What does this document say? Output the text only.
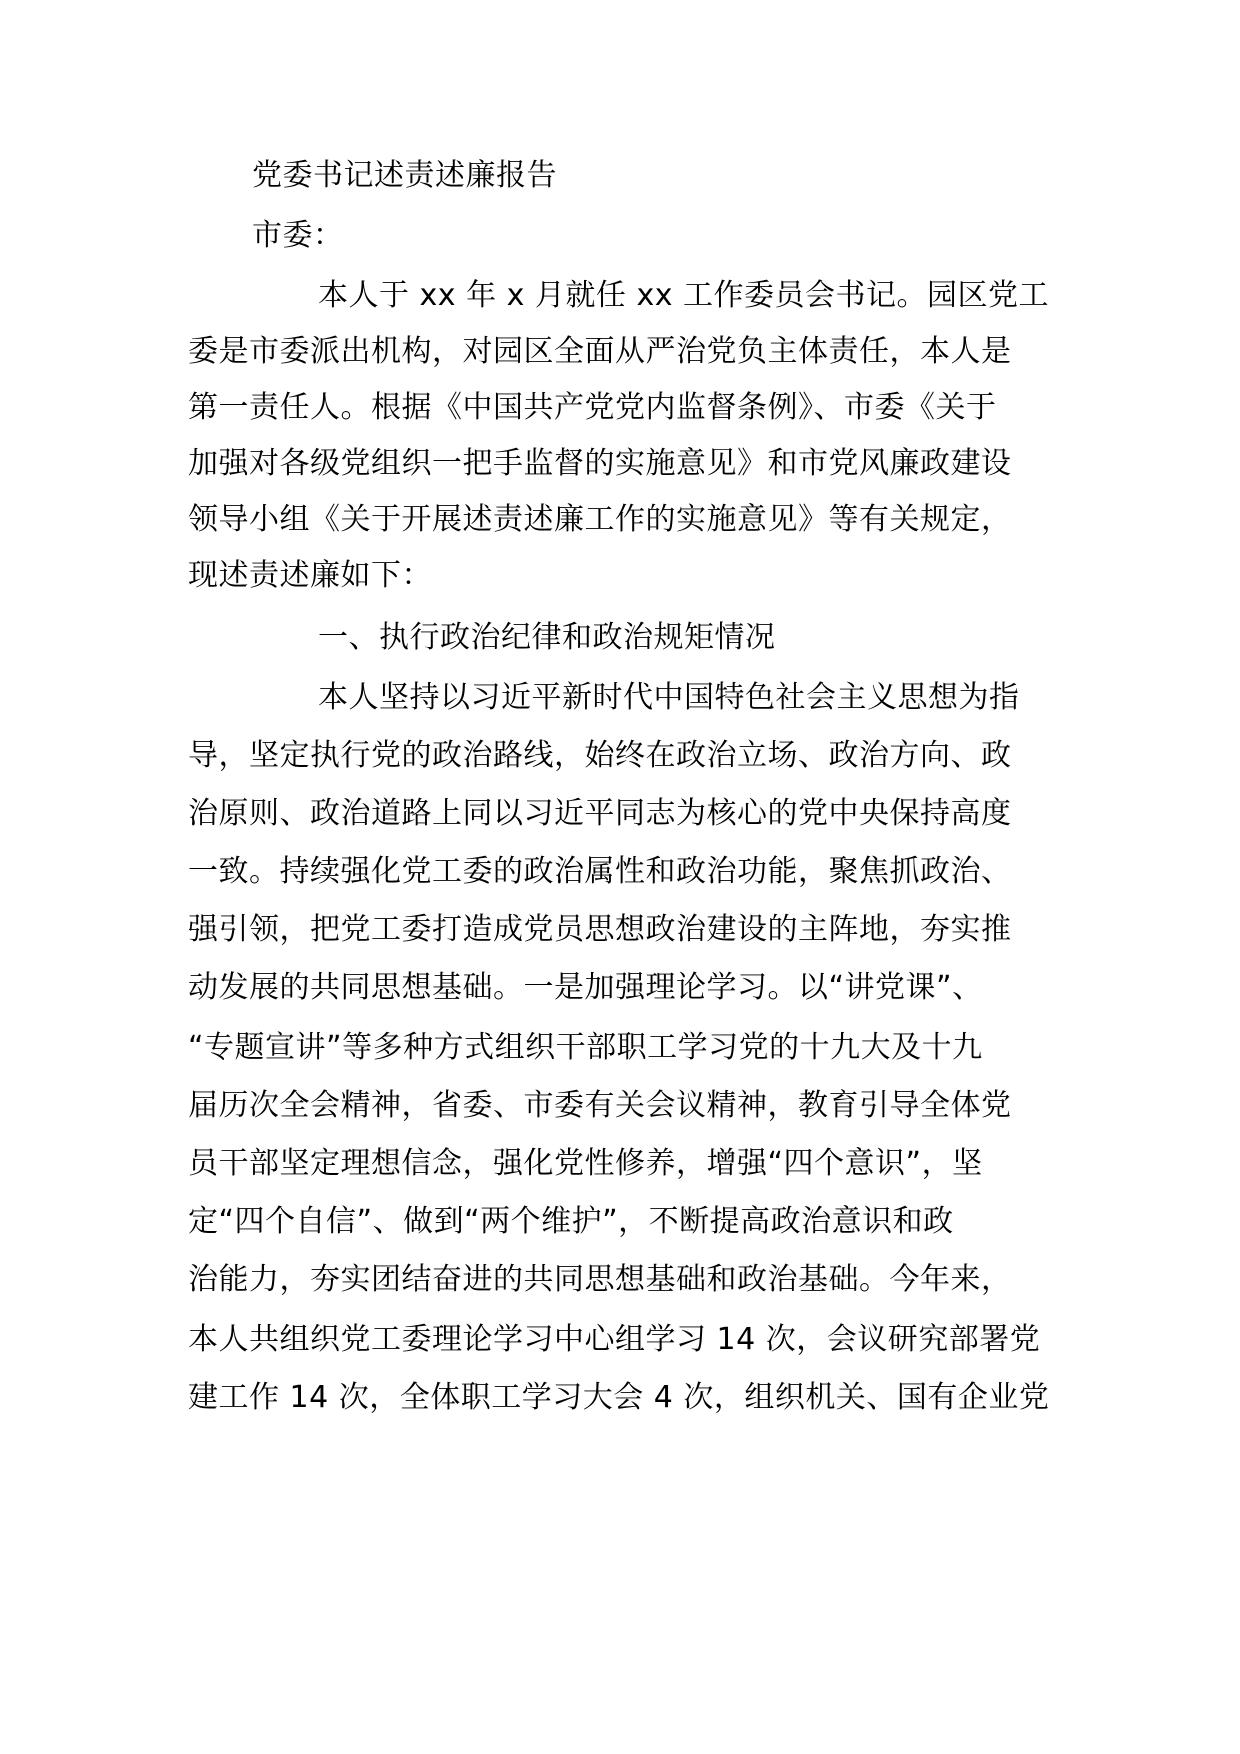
党委书记述责述廉报告
市委：
本人于 xx 年 x 月就任 xx 工作委员会书记。园区党工
委是市委派出机构，对园区全面从严治党负主体责任，本人是
第一责任人。根据《中国共产党党内监督条例》、市委《关于
加强对各级党组织一把手监督的实施意见》和市党风廉政建设
领导小组《关于开展述责述廉工作的实施意见》等有关规定，
现述责述廉如下：
一、执行政治纪律和政治规矩情况
本人坚持以习近平新时代中国特色社会主义思想为指
导，坚定执行党的政治路线，始终在政治立场、政治方向、政
治原则、政治道路上同以习近平同志为核心的党中央保持高度
一致。持续强化党工委的政治属性和政治功能，聚焦抓政治、
强引领，把党工委打造成党员思想政治建设的主阵地，夯实推
动发展的共同思想基础。一是加强理论学习。以“讲党课”、
“专题宣讲”等多种方式组织干部职工学习党的十九大及十九
届历次全会精神，省委、市委有关会议精神，教育引导全体党
员干部坚定理想信念，强化党性修养，增强“四个意识”，坚
定“四个自信”、做到“两个维护”，不断提高政治意识和政
治能力，夯实团结奋进的共同思想基础和政治基础。今年来，
本人共组织党工委理论学习中心组学习 14 次，会议研究部署党
建工作 14 次，全体职工学习大会 4 次，组织机关、国有企业党
